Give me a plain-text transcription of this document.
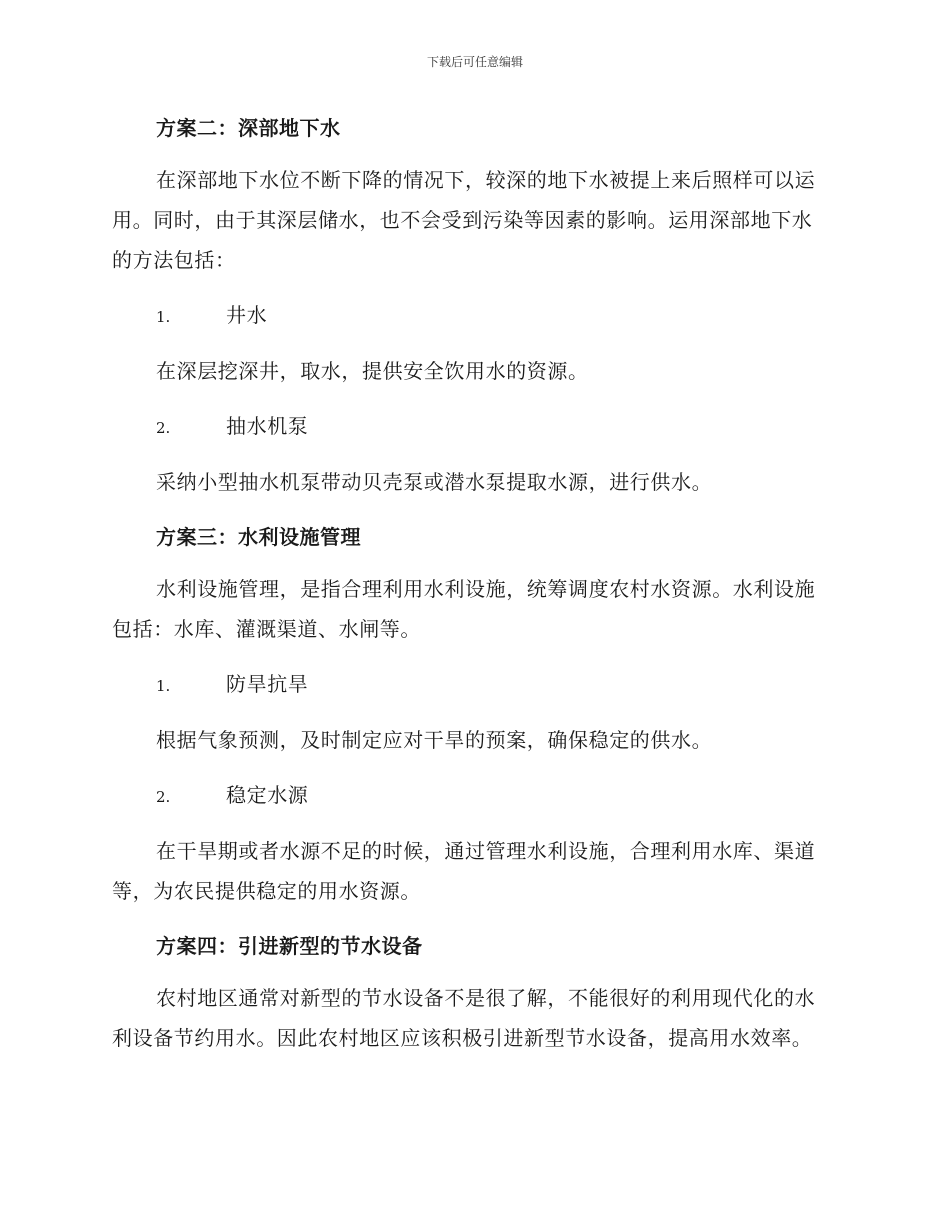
下载后可任意编辑
方案二：深部地下水

在深部地下水位不断下降的情况下，较深的地下水被提上来后照样可以运用。同时，由于其深层储水，也不会受到污染等因素的影响。运用深部地下水的方法包括：

1.	井水

在深层挖深井，取水，提供安全饮用水的资源。

2.	抽水机泵

采纳小型抽水机泵带动贝壳泵或潜水泵提取水源，进行供水。

方案三：水利设施管理

水利设施管理，是指合理利用水利设施，统筹调度农村水资源。水利设施包括：水库、灌溉渠道、水闸等。

1.	防旱抗旱

根据气象预测，及时制定应对干旱的预案，确保稳定的供水。

2.	稳定水源

在干旱期或者水源不足的时候，通过管理水利设施，合理利用水库、渠道等，为农民提供稳定的用水资源。

方案四：引进新型的节水设备

农村地区通常对新型的节水设备不是很了解，不能很好的利用现代化的水利设备节约用水。因此农村地区应该积极引进新型节水设备，提高用水效率。
